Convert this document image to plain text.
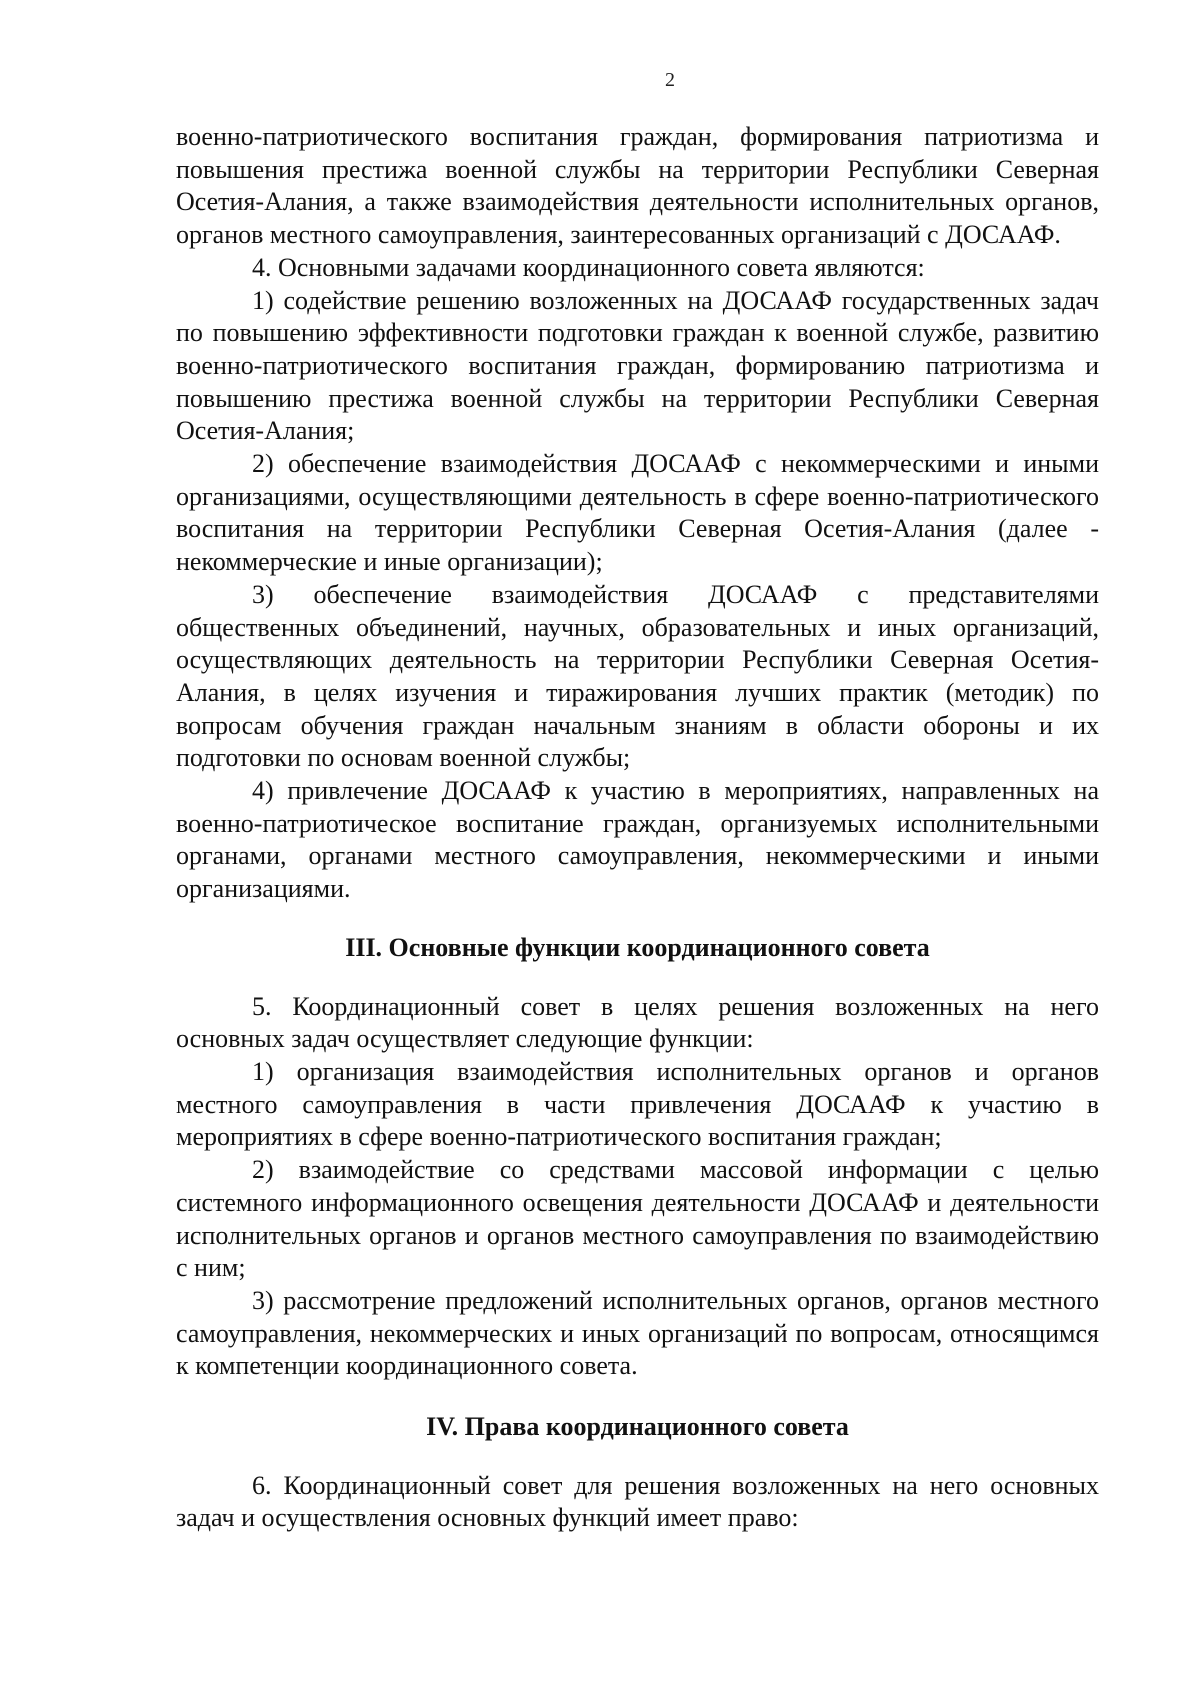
2

военно-патриотического воспитания граждан, формирования патриотизма и повышения престижа военной службы на территории Республики Северная Осетия-Алания, а также взаимодействия деятельности исполнительных органов, органов местного самоуправления, заинтересованных организаций с ДОСААФ.

4. Основными задачами координационного совета являются:

1) содействие решению возложенных на ДОСААФ государственных задач по повышению эффективности подготовки граждан к военной службе, развитию военно-патриотического воспитания граждан, формированию патриотизма и повышению престижа военной службы на территории Республики Северная Осетия-Алания;

2) обеспечение взаимодействия ДОСААФ с некоммерческими и иными организациями, осуществляющими деятельность в сфере военно-патриотического воспитания на территории Республики Северная Осетия-Алания (далее - некоммерческие и иные организации);

3) обеспечение взаимодействия ДОСААФ с представителями общественных объединений, научных, образовательных и иных организаций, осуществляющих деятельность на территории Республики Северная Осетия-Алания, в целях изучения и тиражирования лучших практик (методик) по вопросам обучения граждан начальным знаниям в области обороны и их подготовки по основам военной службы;

4) привлечение ДОСААФ к участию в мероприятиях, направленных на военно-патриотическое воспитание граждан, организуемых исполнительными органами, органами местного самоуправления, некоммерческими и иными организациями.

III. Основные функции координационного совета

5. Координационный совет в целях решения возложенных на него основных задач осуществляет следующие функции:

1) организация взаимодействия исполнительных органов и органов местного самоуправления в части привлечения ДОСААФ к участию в мероприятиях в сфере военно-патриотического воспитания граждан;

2) взаимодействие со средствами массовой информации с целью системного информационного освещения деятельности ДОСААФ и деятельности исполнительных органов и органов местного самоуправления по взаимодействию с ним;

3) рассмотрение предложений исполнительных органов, органов местного самоуправления, некоммерческих и иных организаций по вопросам, относящимся к компетенции координационного совета.

IV. Права координационного совета

6. Координационный совет для решения возложенных на него основных задач и осуществления основных функций имеет право:
